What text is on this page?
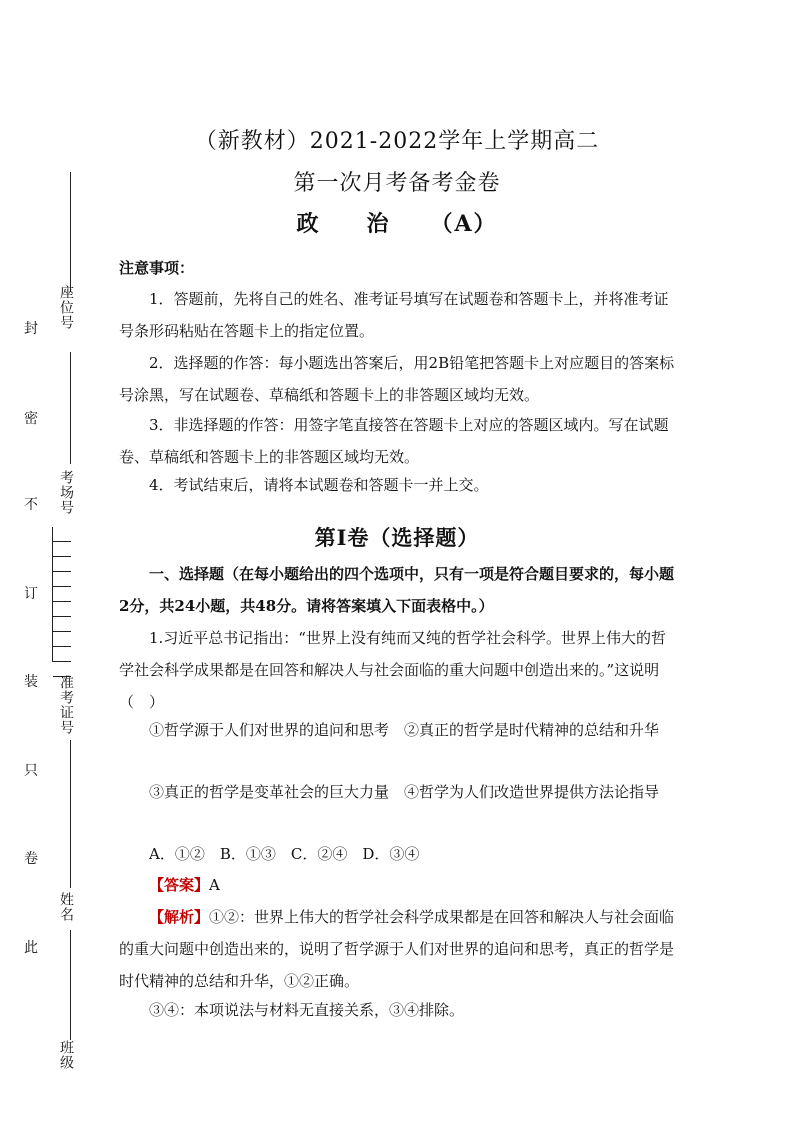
（新教材）2021-2022学年上学期高二
第一次月考备考金卷
政 治 （A）
注意事项：
1．答题前，先将自己的姓名、准考证号填写在试题卷和答题卡上，并将准考证号条形码粘贴在答题卡上的指定位置。
2．选择题的作答：每小题选出答案后，用2B铅笔把答题卡上对应题目的答案标号涂黑，写在试题卷、草稿纸和答题卡上的非答题区域均无效。
3．非选择题的作答：用签字笔直接答在答题卡上对应的答题区域内。写在试题卷、草稿纸和答题卡上的非答题区域均无效。
4．考试结束后，请将本试题卷和答题卡一并上交。
第Ⅰ卷（选择题）
一、选择题（在每小题给出的四个选项中，只有一项是符合题目要求的，每小题2分，共24小题，共48分。请将答案填入下面表格中。）
1.习近平总书记指出：“世界上没有纯而又纯的哲学社会科学。世界上伟大的哲学社会科学成果都是在回答和解决人与社会面临的重大问题中创造出来的。”这说明（　）
①哲学源于人们对世界的追问和思考　②真正的哲学是时代精神的总结和升华
③真正的哲学是变革社会的巨大力量　④哲学为人们改造世界提供方法论指导
A．①②　B．①③　C．②④　D．③④
【答案】A
【解析】①②：世界上伟大的哲学社会科学成果都是在回答和解决人与社会面临的重大问题中创造出来的，说明了哲学源于人们对世界的追问和思考，真正的哲学是时代精神的总结和升华，①②正确。
③④：本项说法与材料无直接关系，③④排除。
座位号
考场号
准考证号
姓名
班级
封
密
不
订
装
只
卷
此
